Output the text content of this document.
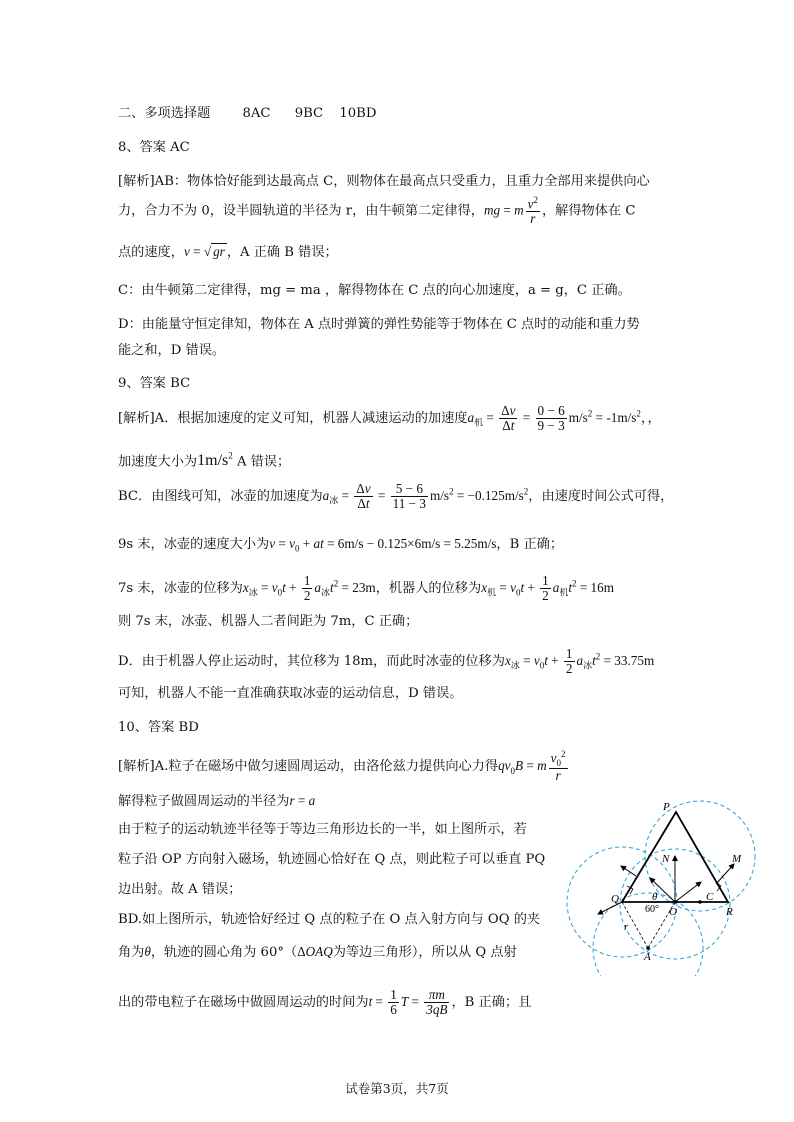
二、多项选择题 8AC 9BC 10BD
8、答案 AC
[解析]AB：物体恰好能到达最高点 C，则物体在最高点只受重力，且重力全部用来提供向心
力，合力不为 0，设半圆轨道的半径为 r，由牛顿第二定律得，mg = m $\frac{v^2}{r}$ ，解得物体在 C
点的速度，v = √ gr ，A 正确 B 错误；
C：由牛顿第二定律得，mg = ma ，解得物体在 C 点的向心加速度，a = g，C 正确。
D：由能量守恒定律知，物体在 A 点时弹簧的弹性势能等于物体在 C 点时的动能和重力势
能之和，D 错误。
9、答案 BC
[解析]A．根据加速度的定义可知，机器人减速运动的加速度$a_机 = \frac{\Delta v}{\Delta t} = \frac{0 - 6}{9 - 3} m/s^2 = -1m/s^2$，，
加速度大小为$1m/s^2$ A 错误；
BC．由图线可知，冰壶的加速度为$a_冰 = \frac{\Delta v}{\Delta t} = \frac{5 - 6}{11 - 3} m/s^2 = -0.125m/s^2$，由速度时间公式可得，
9s 末，冰壶的速度大小为$v = v_0$ + at = 6m/s − 0.125×6m/s = 5.25m/s，B 正确；
7s 末，冰壶的位移为$x_冰 = v_0t + \frac{1}{2} a_冰t^2 = 23m$，机器人的位移为$x_机 = v_0t + \frac{1}{2} a_机t^2 = 16m$
则 7s 末，冰壶、机器人二者间距为 7m，C 正确；
D．由于机器人停止运动时，其位移为 18m，而此时冰壶的位移为$x_冰 = v_0t + \frac{1}{2} a_冰t^2 = 33.75m$
可知，机器人不能一直准确获取冰壶的运动信息，D 错误。
10、答案 BD
[解析]A.粒子在磁场中做匀速圆周运动，由洛伦兹力提供向心力得$qv_0B = m \frac{v_0^2}{r}$
解得粒子做圆周运动的半径为r = a
由于粒子的运动轨迹半径等于等边三角形边长的一半，如上图所示，若
粒子沿 OP 方向射入磁场，轨迹圆心恰好在 Q 点，则此粒子可以垂直 PQ
边出射。故 A 错误；
BD.如上图所示，轨迹恰好经过 Q 点的粒子在 O 点入射方向与 OQ 的夹
角为θ，轨迹的圆心角为 60°（ΔOAQ为等边三角形），所以从 Q 点射
出的带电粒子在磁场中做圆周运动的时间为$t = \frac{1}{6}$ $T = \frac{\pi m}{3qB}$ ，B 正确；且
P
N	M
Q
O
C
R
A
r
θ
60°
试卷第3页，共7页
